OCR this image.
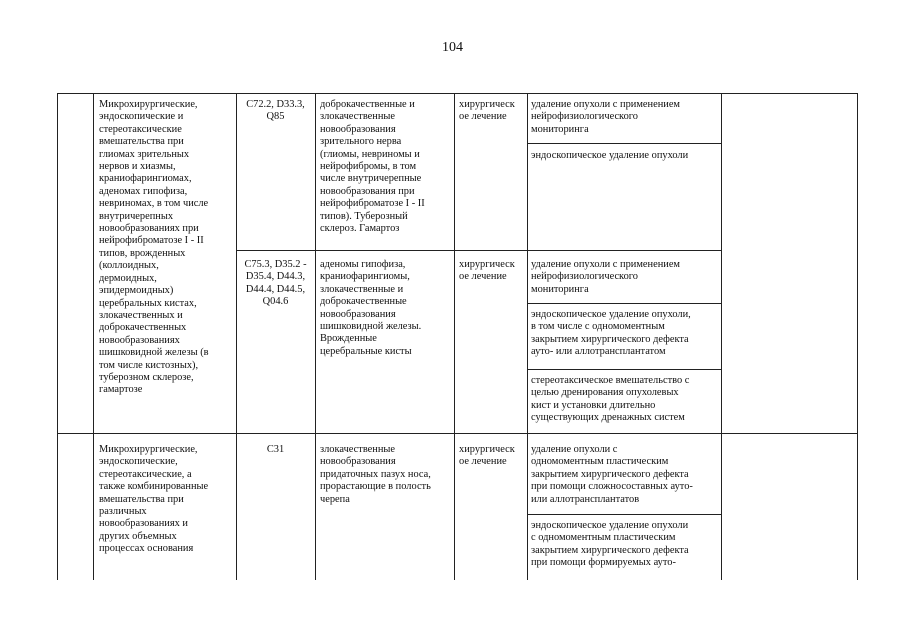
104
Микрохирургические,
эндоскопические и
стереотаксические
вмешательства при
глиомах зрительных
нервов и хиазмы,
краниофарингиомах,
аденомах гипофиза,
невриномах, в том числе
внутричерепных
новообразованиях при
нейрофиброматозе I - II
типов, врожденных
(коллоидных,
дермоидных,
эпидермоидных)
церебральных кистах,
злокачественных и
доброкачественных
новообразованиях
шишковидной железы (в
том числе кистозных),
туберозном склерозе,
гамартозе
C72.2, D33.3,
Q85
доброкачественные и
злокачественные
новообразования
зрительного нерва
(глиомы, невриномы и
нейрофибромы, в том
числе внутричерепные
новообразования при
нейрофиброматозе I - II
типов). Туберозный
склероз. Гамартоз
хирургическ
ое лечение
удаление опухоли с применением
нейрофизиологического
мониторинга
эндоскопическое удаление опухоли
C75.3, D35.2 -
D35.4, D44.3,
D44.4, D44.5,
Q04.6
аденомы гипофиза,
краниофарингиомы,
злокачественные и
доброкачественные
новообразования
шишковидной железы.
Врожденные
церебральные кисты
хирургическ
ое лечение
удаление опухоли с применением
нейрофизиологического
мониторинга
эндоскопическое удаление опухоли,
в том числе с одномоментным
закрытием хирургического дефекта
ауто- или аллотрансплантатом
стереотаксическое вмешательство с
целью дренирования опухолевых
кист и установки длительно
существующих дренажных систем
Микрохирургические,
эндоскопические,
стереотаксические, а
также комбинированные
вмешательства при
различных
новообразованиях и
других объемных
процессах основания
C31	злокачественные
новообразования
придаточных пазух носа,
прорастающие в полость
черепа
хирургическ
ое лечение
удаление опухоли с
одномоментным пластическим
закрытием хирургического дефекта
при помощи сложносоставных ауто-
или аллотрансплантатов
эндоскопическое удаление опухоли
с одномоментным пластическим
закрытием хирургического дефекта
при помощи формируемых ауто-
